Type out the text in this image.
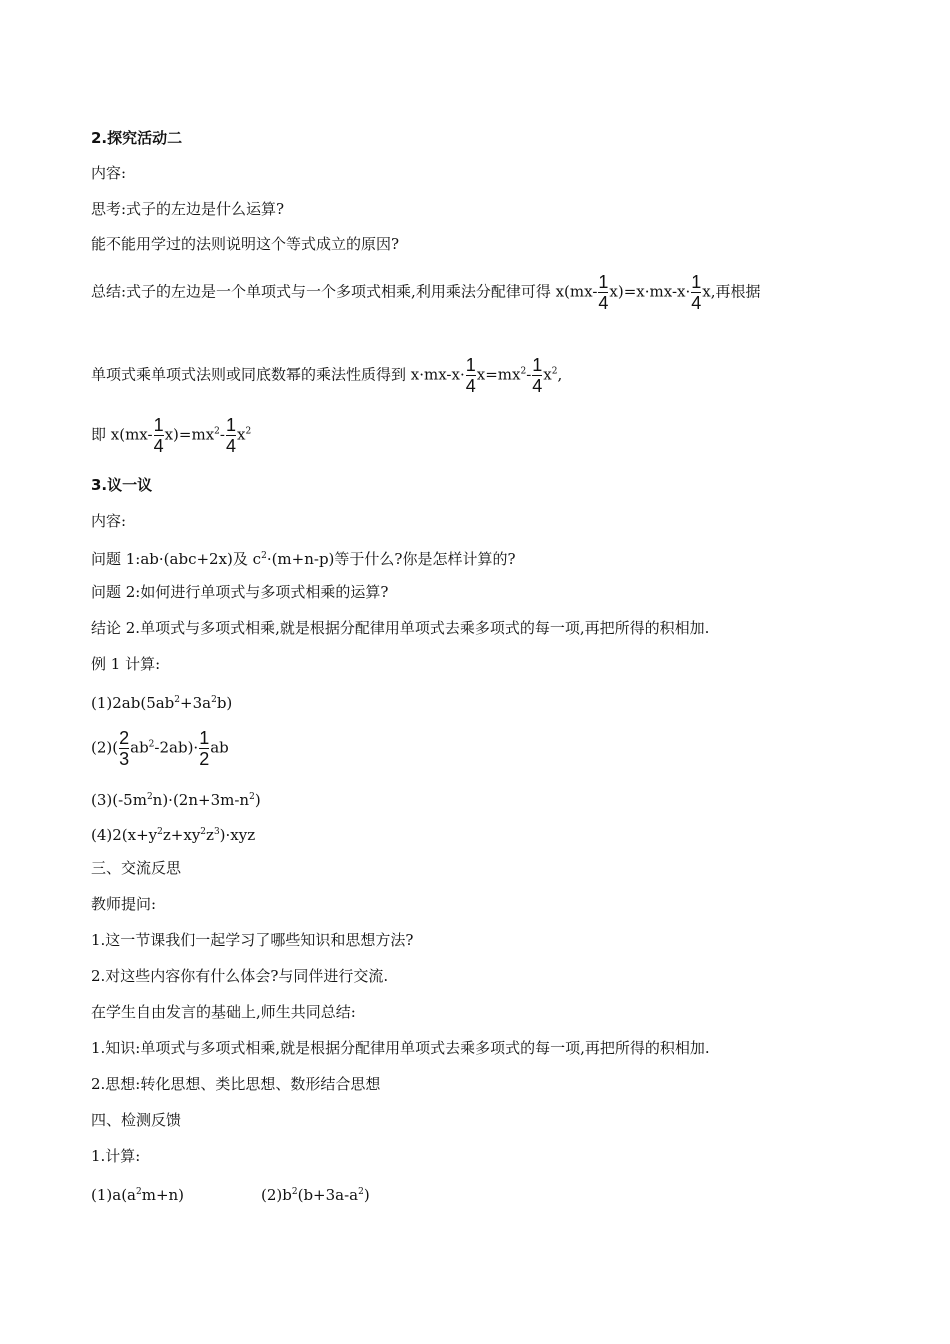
2.探究活动二
内容:
思考:式子的左边是什么运算?
能不能用学过的法则说明这个等式成立的原因?
总结:式子的左边是一个单项式与一个多项式相乘,利用乘法分配律可得 $x(mx- \frac{1}{4} x)=x\cdot mx-x\cdot \frac{1}{4} x$,再根据
单项式乘单项式法则或同底数幂的乘法性质得到 $x\cdot mx-x\cdot \frac{1}{4} x=mx^2- \frac{1}{4} x^2$,
即 $x(mx- \frac{1}{4} x)=mx^2- \frac{1}{4} x^2$
3.议一议
内容:
问题 1:ab·(abc+2x)及 $c^2\cdot(m+n-p)$等于什么?你是怎样计算的?
问题 2:如何进行单项式与多项式相乘的运算?
结论 2.单项式与多项式相乘,就是根据分配律用单项式去乘多项式的每一项,再把所得的积相加.
例 1 计算:
$(1)2ab(5ab^2+3a^2b)$
$(2)( \frac{2}{3} ab^2-2ab)\cdot \frac{1}{2}$ ab
$(3)(-5m^2n)\cdot(2n+3m-n^2)$
$(4)2(x+y^2z+xy^2z^3)\cdot xyz$
三、交流反思
教师提问:
1.这一节课我们一起学习了哪些知识和思想方法?
2.对这些内容你有什么体会?与同伴进行交流.
在学生自由发言的基础上,师生共同总结:
1.知识:单项式与多项式相乘,就是根据分配律用单项式去乘多项式的每一项,再把所得的积相加.
2.思想:转化思想、类比思想、数形结合思想
四、检测反馈
1.计算:
$(1)a(a^2m+n)$	$(2)b^2(b+3a-a^2)$
